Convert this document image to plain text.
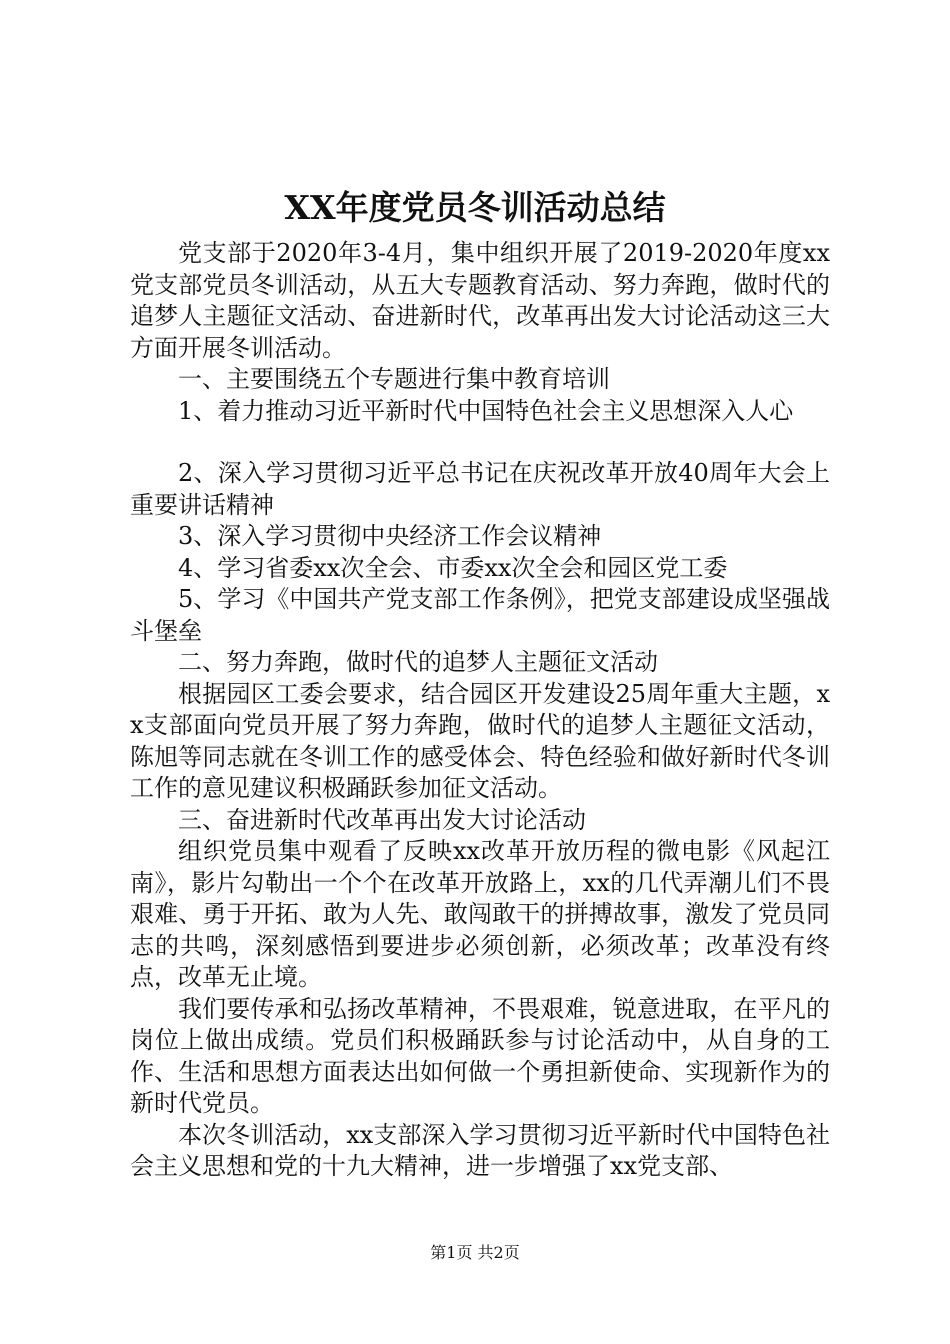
XX年度党员冬训活动总结

党支部于2020年3-4月，集中组织开展了2019-2020年度xx党支部党员冬训活动，从五大专题教育活动、努力奔跑，做时代的追梦人主题征文活动、奋进新时代，改革再出发大讨论活动这三大方面开展冬训活动。

一、主要围绕五个专题进行集中教育培训

1、着力推动习近平新时代中国特色社会主义思想深入人心

2、深入学习贯彻习近平总书记在庆祝改革开放40周年大会上重要讲话精神

3、深入学习贯彻中央经济工作会议精神

4、学习省委xx次全会、市委xx次全会和园区党工委

5、学习《中国共产党支部工作条例》，把党支部建设成坚强战斗堡垒

二、努力奔跑，做时代的追梦人主题征文活动

根据园区工委会要求，结合园区开发建设25周年重大主题，xx支部面向党员开展了努力奔跑，做时代的追梦人主题征文活动，陈旭等同志就在冬训工作的感受体会、特色经验和做好新时代冬训工作的意见建议积极踊跃参加征文活动。

三、奋进新时代改革再出发大讨论活动

组织党员集中观看了反映xx改革开放历程的微电影《风起江南》，影片勾勒出一个个在改革开放路上，xx的几代弄潮儿们不畏艰难、勇于开拓、敢为人先、敢闯敢干的拼搏故事，激发了党员同志的共鸣，深刻感悟到要进步必须创新，必须改革；改革没有终点，改革无止境。

我们要传承和弘扬改革精神，不畏艰难，锐意进取，在平凡的岗位上做出成绩。党员们积极踊跃参与讨论活动中，从自身的工作、生活和思想方面表达出如何做一个勇担新使命、实现新作为的新时代党员。

本次冬训活动，xx支部深入学习贯彻习近平新时代中国特色社会主义思想和党的十九大精神，进一步增强了xx党支部、

第1页 共2页
